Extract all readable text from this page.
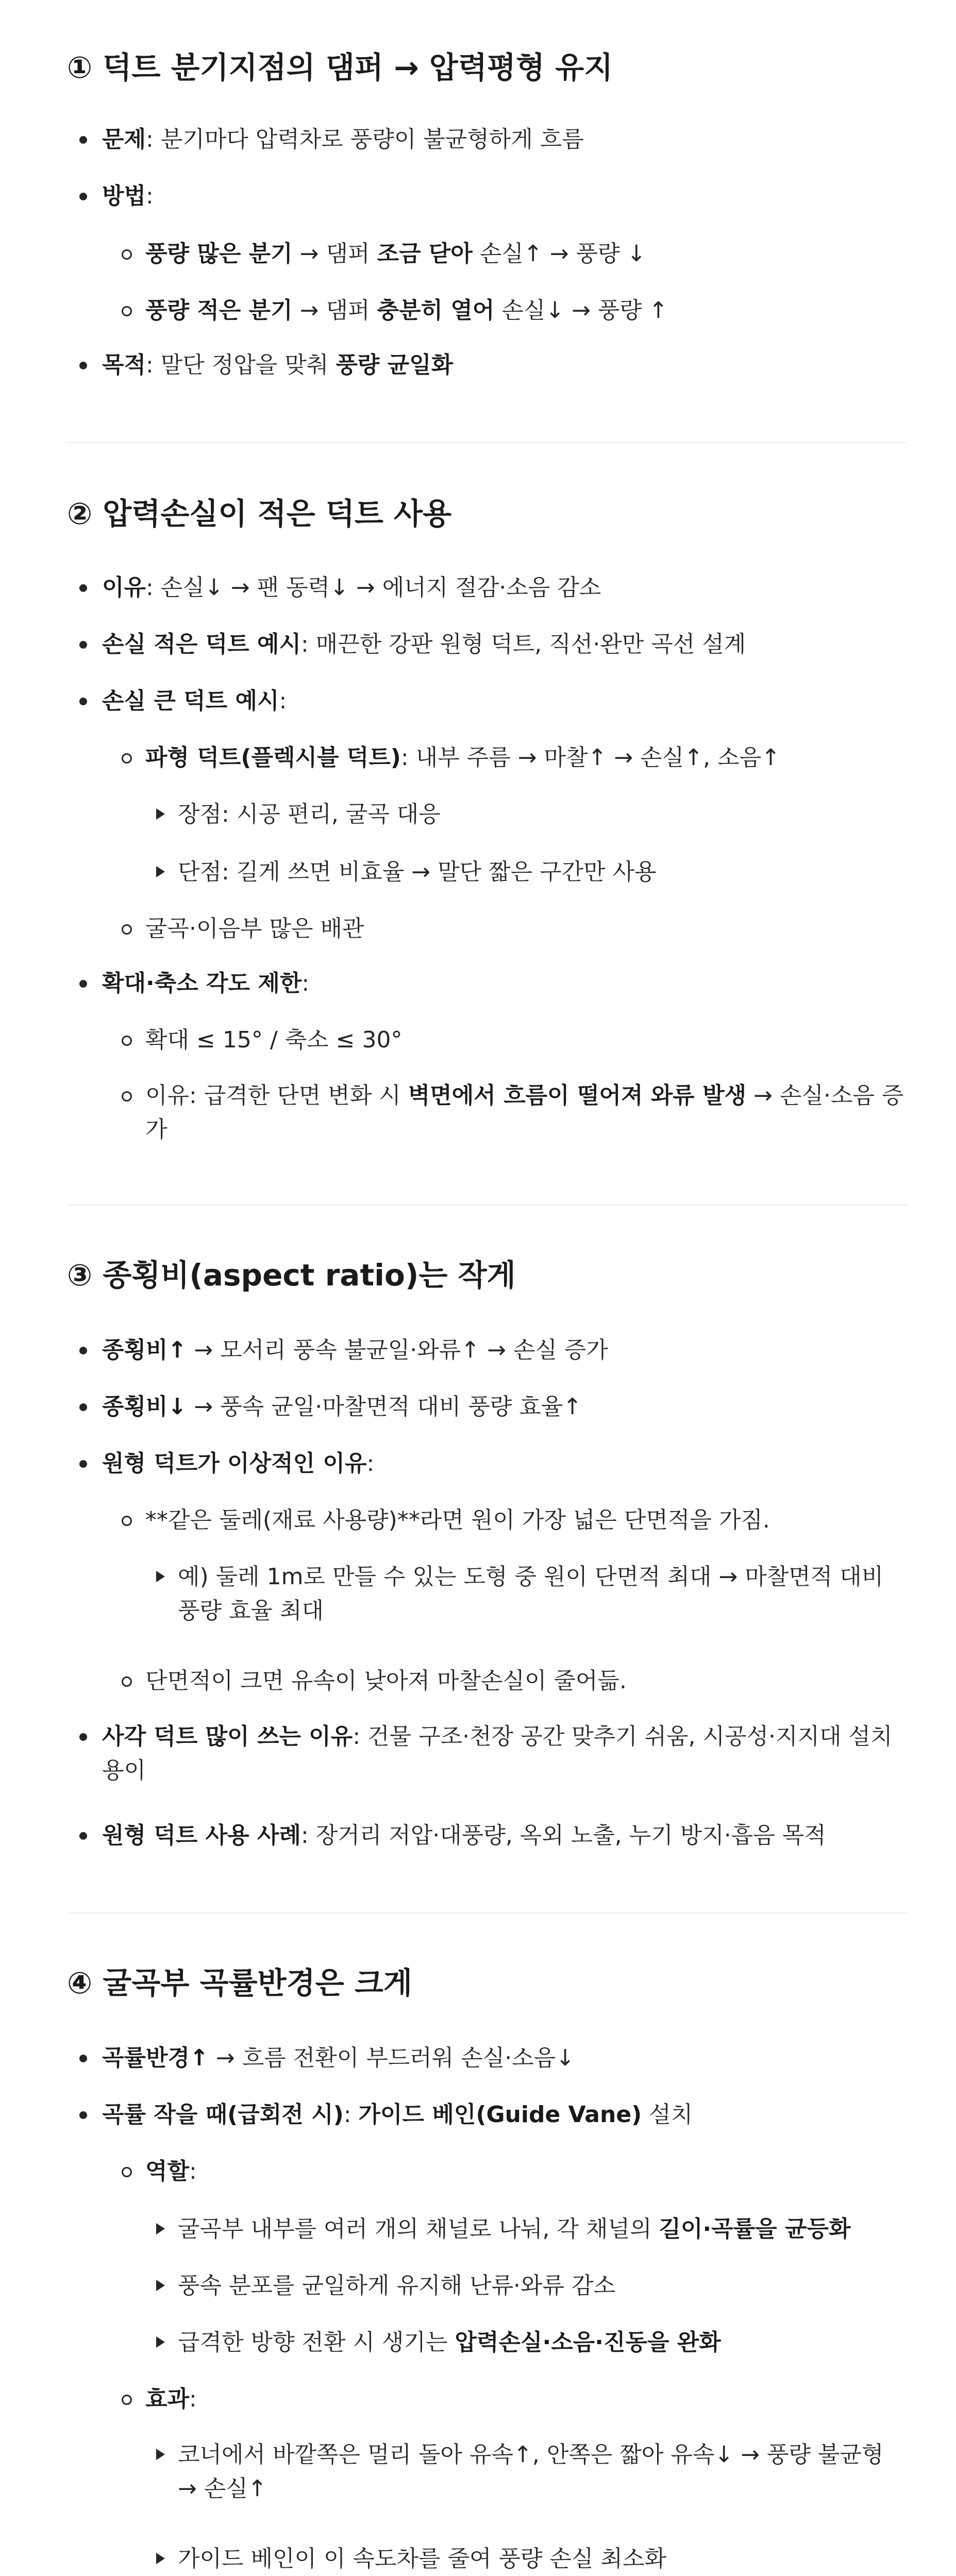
① 덕트 분기지점의 댐퍼 → 압력평형 유지

문제: 분기마다 압력차로 풍량이 불균형하게 흐름

방법:

풍량 많은 분기 → 댐퍼 조금 닫아 손실↑ → 풍량 ↓

풍량 적은 분기 → 댐퍼 충분히 열어 손실↓ → 풍량 ↑

목적: 말단 정압을 맞춰 풍량 균일화

② 압력손실이 적은 덕트 사용

이유: 손실↓ → 팬 동력↓ → 에너지 절감·소음 감소

손실 적은 덕트 예시: 매끈한 강판 원형 덕트, 직선·완만 곡선 설계

손실 큰 덕트 예시:

파형 덕트(플렉시블 덕트): 내부 주름 → 마찰↑ → 손실↑, 소음↑

장점: 시공 편리, 굴곡 대응

단점: 길게 쓰면 비효율 → 말단 짧은 구간만 사용

굴곡·이음부 많은 배관

확대·축소 각도 제한:

확대 ≤ 15° / 축소 ≤ 30°

이유: 급격한 단면 변화 시 벽면에서 흐름이 떨어져 와류 발생 → 손실·소음 증가

③ 종횡비(aspect ratio)는 작게

종횡비↑ → 모서리 풍속 불균일·와류↑ → 손실 증가

종횡비↓ → 풍속 균일·마찰면적 대비 풍량 효율↑

원형 덕트가 이상적인 이유:

**같은 둘레(재료 사용량)**라면 원이 가장 넓은 단면적을 가짐.

예) 둘레 1m로 만들 수 있는 도형 중 원이 단면적 최대 → 마찰면적 대비 풍량 효율 최대

단면적이 크면 유속이 낮아져 마찰손실이 줄어듦.

사각 덕트 많이 쓰는 이유: 건물 구조·천장 공간 맞추기 쉬움, 시공성·지지대 설치 용이

원형 덕트 사용 사례: 장거리 저압·대풍량, 옥외 노출, 누기 방지·흡음 목적

④ 굴곡부 곡률반경은 크게

곡률반경↑ → 흐름 전환이 부드러워 손실·소음↓

곡률 작을 때(급회전 시): 가이드 베인(Guide Vane) 설치

역할:

굴곡부 내부를 여러 개의 채널로 나눠, 각 채널의 길이·곡률을 균등화

풍속 분포를 균일하게 유지해 난류·와류 감소

급격한 방향 전환 시 생기는 압력손실·소음·진동을 완화

효과:

코너에서 바깥쪽은 멀리 돌아 유속↑, 안쪽은 짧아 유속↓ → 풍량 불균형 → 손실↑

가이드 베인이 이 속도차를 줄여 풍량 손실 최소화
